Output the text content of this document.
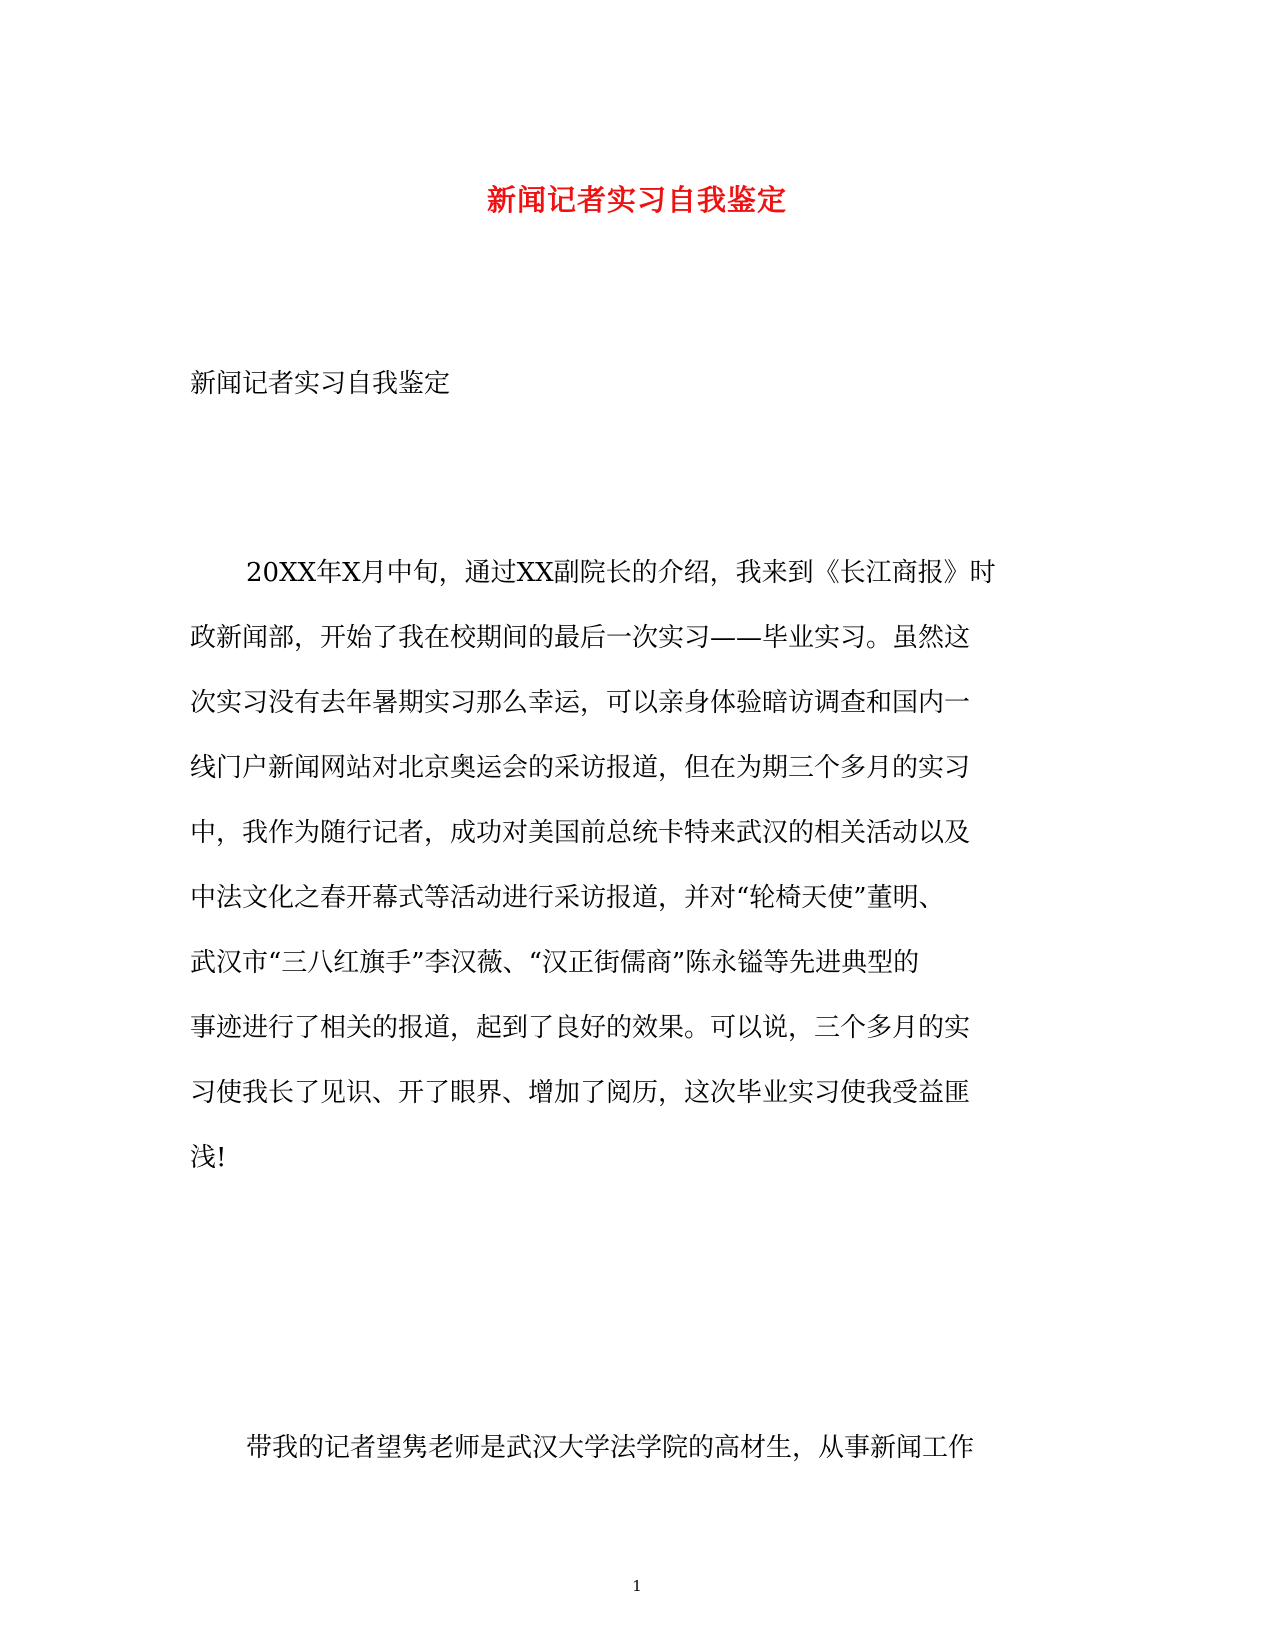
新闻记者实习自我鉴定

新闻记者实习自我鉴定

20XX年X月中旬，通过XX副院长的介绍，我来到《长江商报》时
政新闻部，开始了我在校期间的最后一次实习——毕业实习。虽然这
次实习没有去年暑期实习那么幸运，可以亲身体验暗访调查和国内一
线门户新闻网站对北京奥运会的采访报道，但在为期三个多月的实习
中，我作为随行记者，成功对美国前总统卡特来武汉的相关活动以及
中法文化之春开幕式等活动进行采访报道，并对“轮椅天使”董明、
武汉市“三八红旗手”李汉薇、“汉正街儒商”陈永镒等先进典型的
事迹进行了相关的报道，起到了良好的效果。可以说，三个多月的实
习使我长了见识、开了眼界、增加了阅历，这次毕业实习使我受益匪
浅!
带我的记者望隽老师是武汉大学法学院的高材生，从事新闻工作

1
